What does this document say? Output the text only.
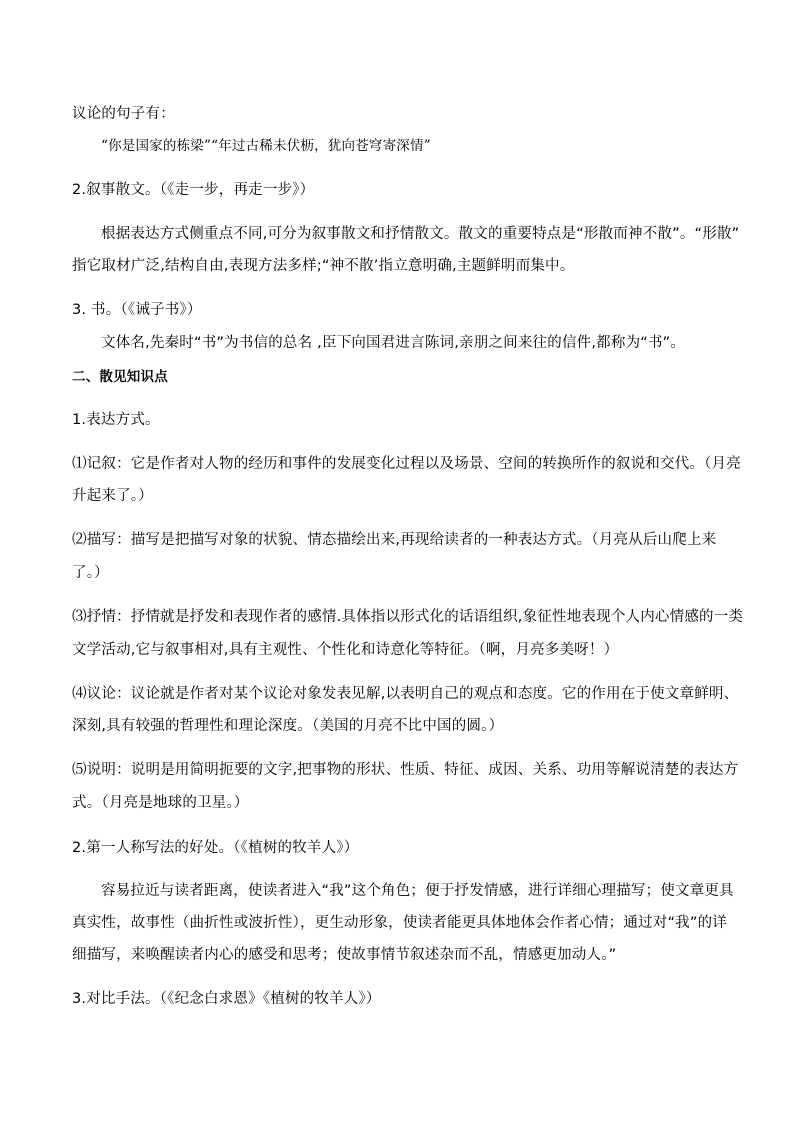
议论的句子有：
“你是国家的栋梁”“年过古稀未伏枥，犹向苍穹寄深情”
2.叙事散文。（《走一步，再走一步》）
根据表达方式侧重点不同,可分为叙事散文和抒情散文。散文的重要特点是“形散而神不散”。“形散”
指它取材广泛,结构自由,表现方法多样;“神不散’指立意明确,主题鲜明而集中。
3. 书。（《诫子书》）
文体名,先秦时“书”为书信的总名 ,臣下向国君进言陈词,亲朋之间来往的信件,都称为“书”。
二、散见知识点
1.表达方式。
⑴记叙：它是作者对人物的经历和事件的发展变化过程以及场景、空间的转换所作的叙说和交代。（月亮
升起来了。）
⑵描写：描写是把描写对象的状貌、情态描绘出来,再现给读者的一种表达方式。（月亮从后山爬上来
了。）
⑶抒情：抒情就是抒发和表现作者的感情.具体指以形式化的话语组织,象征性地表现个人内心情感的一类
文学活动,它与叙事相对,具有主观性、个性化和诗意化等特征。（啊，月亮多美呀！）
⑷议论：议论就是作者对某个议论对象发表见解,以表明自己的观点和态度。它的作用在于使文章鲜明、
深刻,具有较强的哲理性和理论深度。（美国的月亮不比中国的圆。）
⑸说明：说明是用简明扼要的文字,把事物的形状、性质、特征、成因、关系、功用等解说清楚的表达方
式。（月亮是地球的卫星。）
2.第一人称写法的好处。（《植树的牧羊人》）
容易拉近与读者距离，使读者进入“我”这个角色；便于抒发情感，进行详细心理描写；使文章更具
真实性，故事性（曲折性或波折性），更生动形象，使读者能更具体地体会作者心情；通过对“我”的详
细描写，来唤醒读者内心的感受和思考；使故事情节叙述杂而不乱，情感更加动人。”
3.对比手法。（《纪念白求恩》《植树的牧羊人》）
